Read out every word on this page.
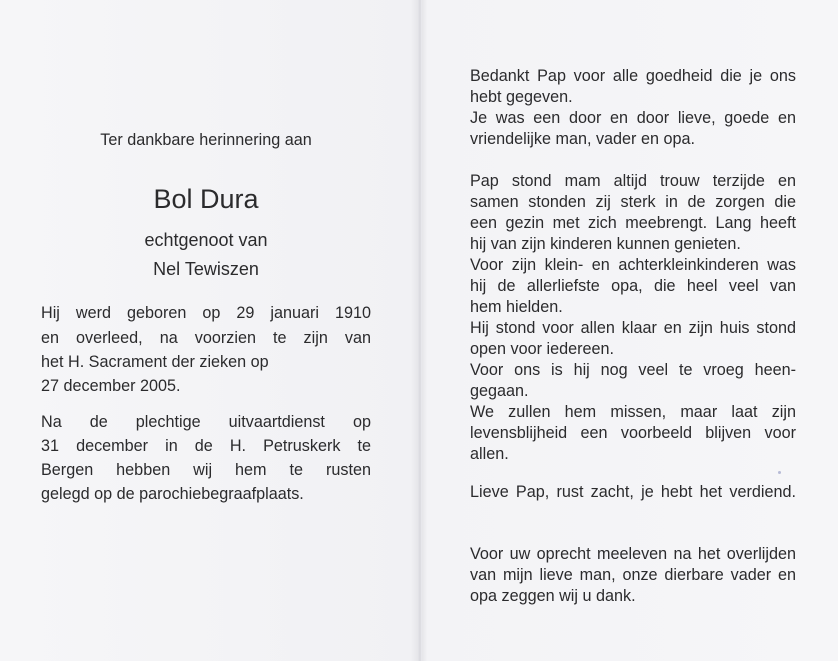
Ter dankbare herinnering aan
Bol Dura
echtgenoot van
Nel Tewiszen
Hij werd geboren op 29 januari 1910
en overleed, na voorzien te zijn van
het H. Sacrament der zieken op
27 december 2005.
Na de plechtige uitvaartdienst op
31 december in de H. Petruskerk te
Bergen hebben wij hem te rusten
gelegd op de parochiebegraafplaats.
Bedankt Pap voor alle goedheid die je ons
hebt gegeven.
Je was een door en door lieve, goede en
vriendelijke man, vader en opa.
Pap stond mam altijd trouw terzijde en
samen stonden zij sterk in de zorgen die
een gezin met zich meebrengt. Lang heeft
hij van zijn kinderen kunnen genieten.
Voor zijn klein- en achterkleinkinderen was
hij de allerliefste opa, die heel veel van
hem hielden.
Hij stond voor allen klaar en zijn huis stond
open voor iedereen.
Voor ons is hij nog veel te vroeg heen-
gegaan.
We zullen hem missen, maar laat zijn
levensblijheid een voorbeeld blijven voor
allen.
Lieve Pap, rust zacht, je hebt het verdiend.
Voor uw oprecht meeleven na het overlijden
van mijn lieve man, onze dierbare vader en
opa zeggen wij u dank.
